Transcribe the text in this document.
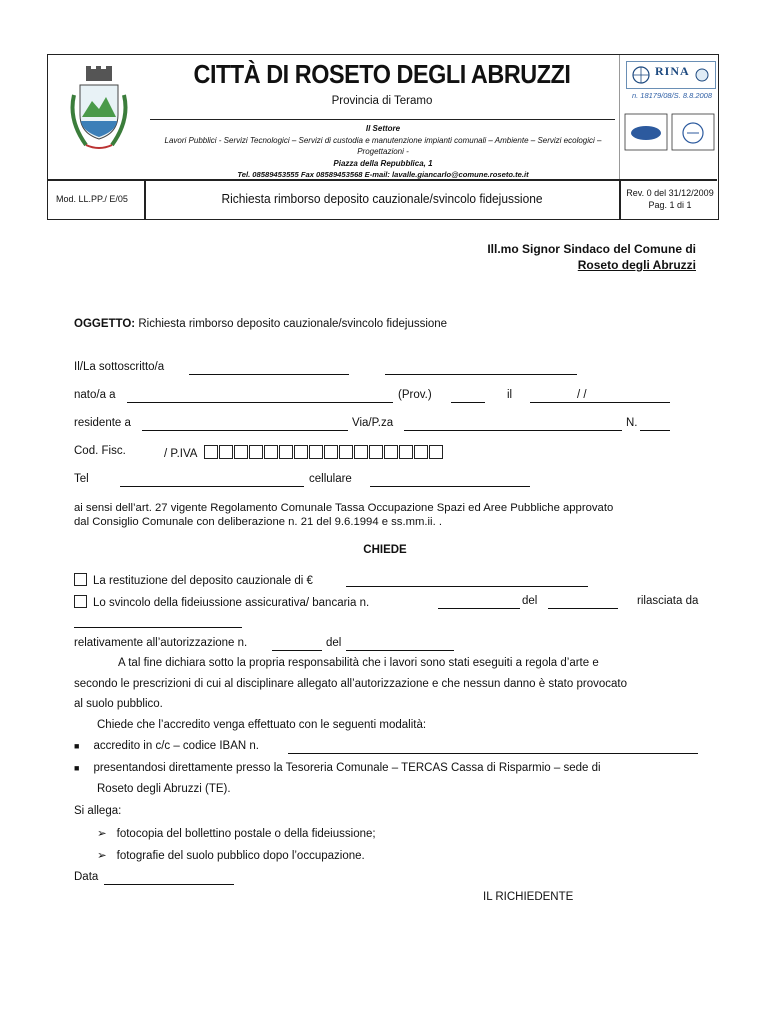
CITTÀ DI ROSETO DEGLI ABRUZZI
Provincia di Teramo
Il Settore
Lavori Pubblici - Servizi Tecnologici – Servizi di custodia e manutenzione impianti comunali – Ambiente – Servizi ecologici – Progettazioni -
Piazza della Repubblica, 1
Tel. 08589453555 Fax 08589453568 E-mail: lavalle.giancarlo@comune.roseto.te.it
RINA
n. 18179/08/S. 8.8.2008
Mod. LL.PP./ E/05	Richiesta rimborso deposito cauzionale/svincolo fidejussione	Rev. 0 del 31/12/2009
Pag. 1 di 1
Ill.mo Signor Sindaco del Comune di
Roseto degli Abruzzi
OGGETTO: Richiesta rimborso deposito cauzionale/svincolo fidejussione
Il/La sottoscritto/a
nato/a a	(Prov.)	il	/ /
residente a	Via/P.za	N.
Cod. Fisc.	/ P.IVA
Tel	cellulare
ai sensi dell’art. 27 vigente Regolamento Comunale Tassa Occupazione Spazi ed Aree Pubbliche approvato
dal Consiglio Comunale con deliberazione n. 21 del 9.6.1994 e ss.mm.ii. .
CHIEDE
La restituzione del deposito cauzionale di €
Lo svincolo della fideiussione assicurativa/ bancaria n.	del	rilasciata da
relativamente all’autorizzazione n.	del
A tal fine dichiara sotto la propria responsabilità che i lavori sono stati eseguiti a regola d’arte e
secondo le prescrizioni di cui al disciplinare allegato all’autorizzazione e che nessun danno è stato provocato
al suolo pubblico.
Chiede che l’accredito venga effettuato con le seguenti modalità:
■ accredito in c/c – codice IBAN n.
■ presentandosi direttamente presso la Tesoreria Comunale – TERCAS Cassa di Risparmio – sede di
Roseto degli Abruzzi (TE).
Si allega:
➢ fotocopia del bollettino postale o della fideiussione;
➢ fotografie del suolo pubblico dopo l’occupazione.
Data
IL RICHIEDENTE
